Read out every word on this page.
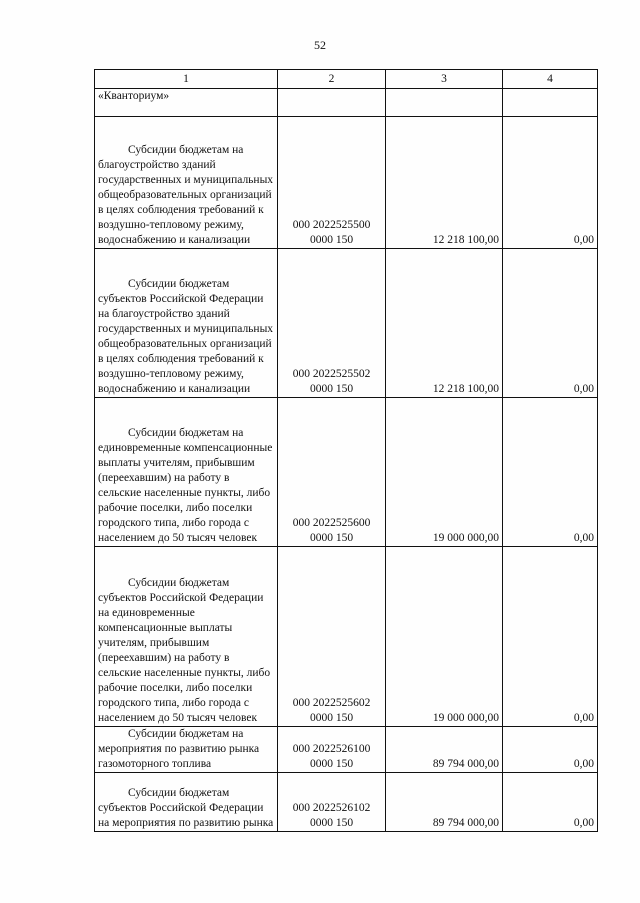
52
1	2	3	4
«Кванториум»			
Субсидии бюджетам на благоустройство зданий государственных и муниципальных общеобразовательных организаций в целях соблюдения требований к воздушно-тепловому режиму, водоснабжению и канализации	000 2022525500 0000 150	12 218 100,00	0,00
Субсидии бюджетам субъектов Российской Федерации на благоустройство зданий государственных и муниципальных общеобразовательных организаций в целях соблюдения требований к воздушно-тепловому режиму, водоснабжению и канализации	000 2022525502 0000 150	12 218 100,00	0,00
Субсидии бюджетам на единовременные компенсационные выплаты учителям, прибывшим (переехавшим) на работу в сельские населенные пункты, либо рабочие поселки, либо поселки городского типа, либо города с населением до 50 тысяч человек	000 2022525600 0000 150	19 000 000,00	0,00
Субсидии бюджетам субъектов Российской Федерации на единовременные компенсационные выплаты учителям, прибывшим (переехавшим) на работу в сельские населенные пункты, либо рабочие поселки, либо поселки городского типа, либо города с населением до 50 тысяч человек	000 2022525602 0000 150	19 000 000,00	0,00
Субсидии бюджетам на мероприятия по развитию рынка газомоторного топлива	000 2022526100 0000 150	89 794 000,00	0,00
Субсидии бюджетам субъектов Российской Федерации на мероприятия по развитию рынка	000 2022526102 0000 150	89 794 000,00	0,00
